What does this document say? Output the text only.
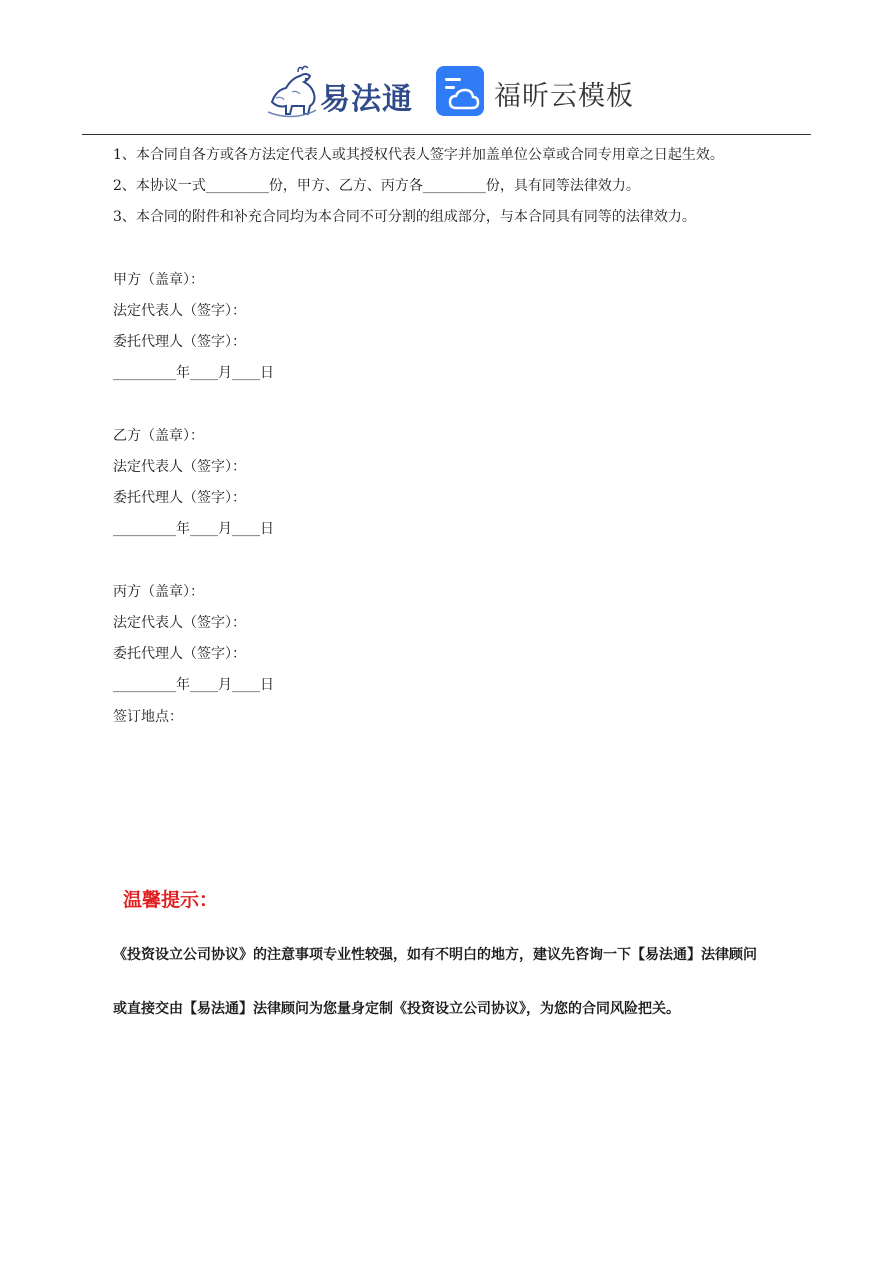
易法通	福昕云模板
1、本合同自各方或各方法定代表人或其授权代表人签字并加盖单位公章或合同专用章之日起生效。
2、本协议一式_________份，甲方、乙方、丙方各_________份，具有同等法律效力。
3、本合同的附件和补充合同均为本合同不可分割的组成部分，与本合同具有同等的法律效力。
甲方（盖章）：
法定代表人（签字）：
委托代理人（签字）：
_________年____月____日
乙方（盖章）：
法定代表人（签字）：
委托代理人（签字）：
_________年____月____日
丙方（盖章）：
法定代表人（签字）：
委托代理人（签字）：
_________年____月____日
签订地点：
温馨提示：
《投资设立公司协议》的注意事项专业性较强，如有不明白的地方，建议先咨询一下【易法通】法律顾问
或直接交由【易法通】法律顾问为您量身定制《投资设立公司协议》，为您的合同风险把关。
